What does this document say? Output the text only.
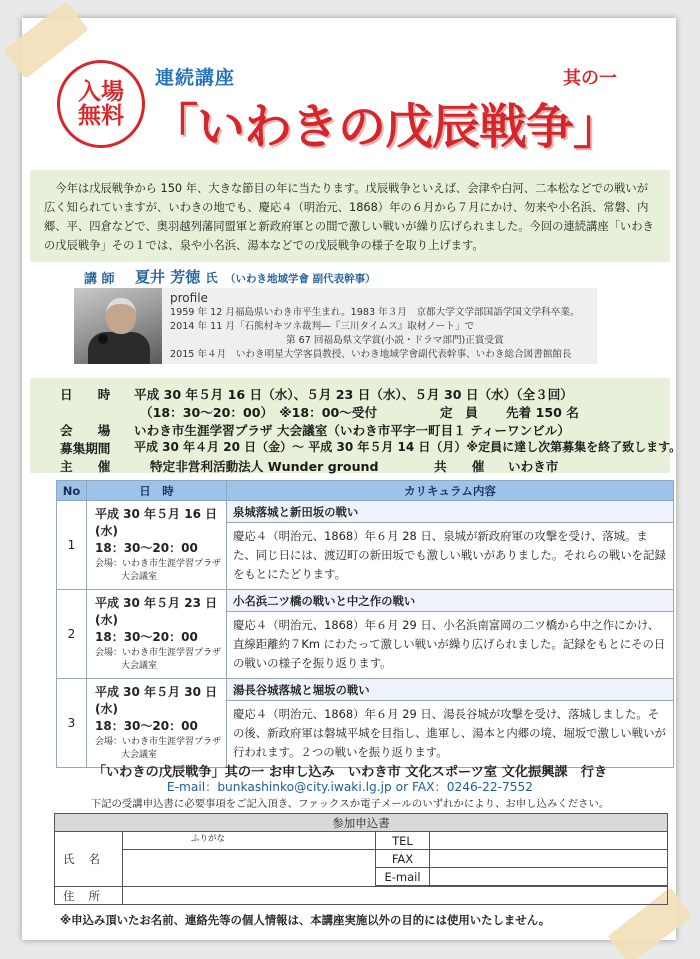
入場
無料
連続講座	其の一
「いわきの戊辰戦争」
今年は戊辰戦争から 150 年、大きな節目の年に当たります。戊辰戦争といえば、会津や白河、二本松などでの戦いが広く知られていますが、いわきの地でも、慶応４（明治元、1868）年の６月から７月にかけ、勿来や小名浜、常磐、内郷、平、四倉などで、奥羽越列藩同盟軍と新政府軍との間で激しい戦いが繰り広げられました。今回の連続講座「いわきの戊辰戦争」その１では、泉や小名浜、湯本などでの戊辰戦争の様子を取り上げます。
講 師 夏井 芳徳 氏 （いわき地域学會 副代表幹事）
profile
1959 年 12 月福島県いわき市平生まれ。1983 年３月　京都大学文学部国語学国文学科卒業。
2014 年 11 月「石熊村キツネ裁判―『三川タイムス』取材ノート」で
第 67 回福島県文学賞(小説・ドラマ部門)正賞受賞
2015 年４月　いわき明星大学客員教授、いわき地域学會副代表幹事、いわき総合図書館館長
日　　時 平成 30 年５月 16 日（水）、５月 23 日（水）、５月 30 日（水）（全３回）
（18：30～20：00）　※18：00～受付	定　員 先着 150 名
会　　場 いわき市生涯学習プラザ 大会議室（いわき市平字一町目１ ティーワンビル）
募集期間 平成 30 年４月 20 日（金）～ 平成 30 年５月 14 日（月）※定員に達し次第募集を終了致します。
主　　催	特定非営利活動法人 Wunder ground	共　　催 いわき市
No	日　時	カリキュラム内容
1	平成 30 年５月 16 日(水)
18：30～20：00
会場：いわき市生涯学習プラザ
大会議室	泉城落城と新田坂の戦い
		慶応４（明治元、1868）年６月 28 日、泉城が新政府軍の攻撃を受け、落城。また、同じ日には、渡辺町の新田坂でも激しい戦いがありました。それらの戦いを記録をもとにたどります。
2	平成 30 年５月 23 日(水)
18：30～20：00
会場：いわき市生涯学習プラザ
大会議室	小名浜二ツ橋の戦いと中之作の戦い
		慶応４（明治元、1868）年６月 29 日、小名浜南富岡の二ツ橋から中之作にかけ、直線距離約７Km にわたって激しい戦いが繰り広げられました。記録をもとにその日の戦いの様子を振り返ります。
3	平成 30 年５月 30 日(水)
18：30～20：00
会場：いわき市生涯学習プラザ
大会議室	湯長谷城落城と堀坂の戦い
		慶応４（明治元、1868）年６月 29 日、湯長谷城が攻撃を受け、落城しました。その後、新政府軍は磐城平城を目指し、進軍し、湯本と内郷の境、堀坂で激しい戦いが行われます。２つの戦いを振り返ります。
「いわきの戊辰戦争」其の一 お申し込み　いわき市 文化スポーツ室 文化振興課　行き
E-mail：bunkashinko@city.iwaki.lg.jp or FAX：0246-22-7552
下記の受講申込書に必要事項をご記入頂き、ファックスか電子メールのいずれかにより、お申し込みください。
参加申込書			
氏名	ふりがな	TEL	
		FAX	
		E-mail	

住所			
※申込み頂いたお名前、連絡先等の個人情報は、本講座実施以外の目的には使用いたしません。
